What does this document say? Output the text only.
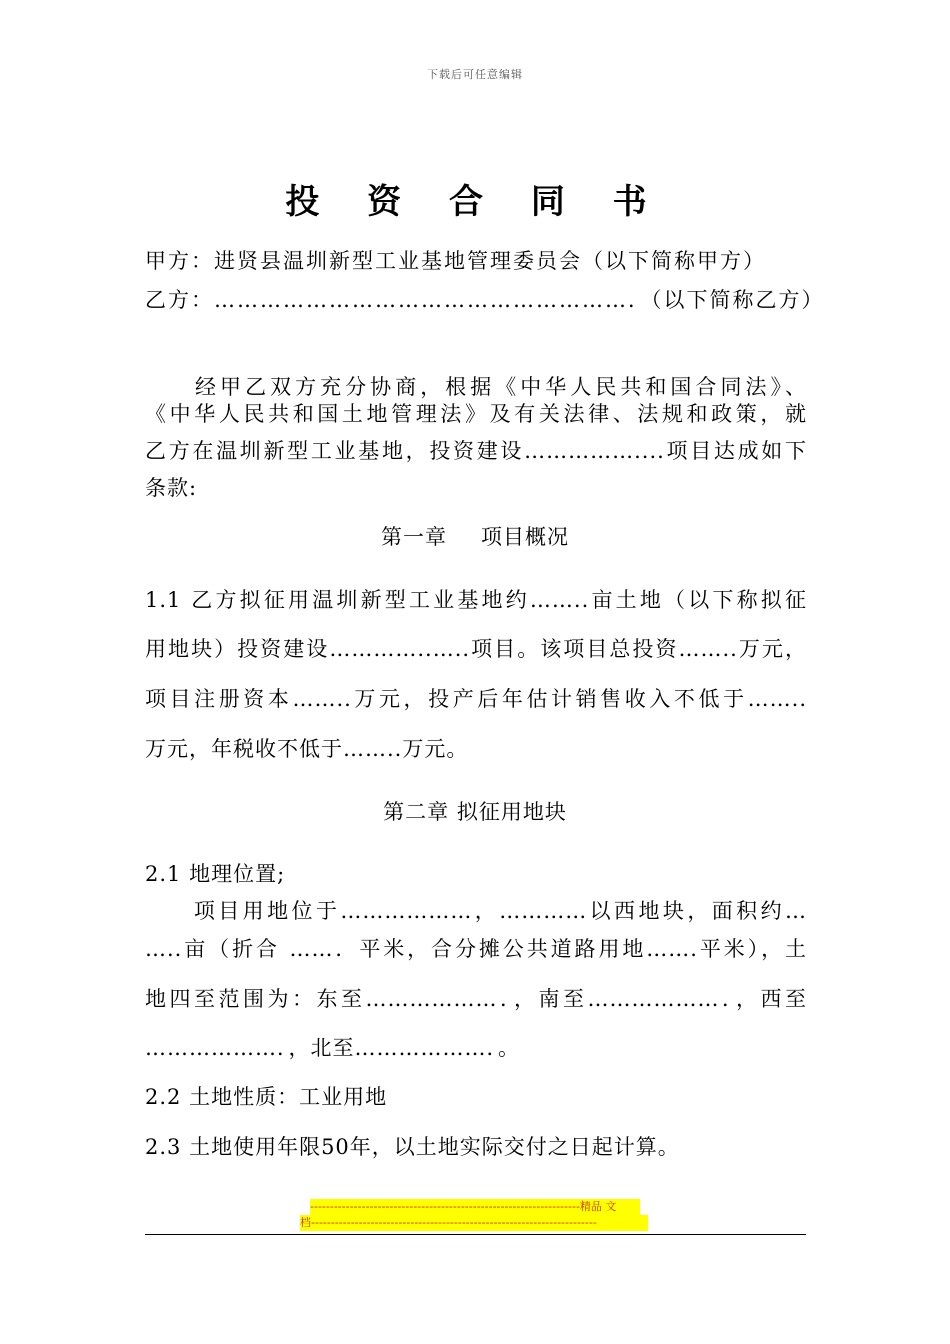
下载后可任意编辑
投 资 合 同 书
甲方：进贤县温圳新型工业基地管理委员会（以下简称甲方）
乙方：………………………………………………．（以下简称乙方）
　　经甲乙双方充分协商，根据《中华人民共和国合同法》、
《中华人民共和国土地管理法》及有关法律、法规和政策，就
乙方在温圳新型工业基地，投资建设……………....项目达成如下
条款:
第一章 项目概况
1.1 乙方拟征用温圳新型工业基地约……..亩土地（以下称拟征
用地块）投资建设…………..…..项目。该项目总投资……..万元，
项目注册资本……..万元，投产后年估计销售收入不低于……..
万元，年税收不低于……..万元。
第二章 拟征用地块
2.1 地理位置;
　　项目用地位于………………，…………以西地块，面积约…
…..亩（折合 ……．平米，合分摊公共道路用地…….平米），土
地四至范围为：东至………………．，南至………………．，西至
………………．，北至………………．。
2.2 土地性质：工业用地
2.3 土地使用年限50年，以土地实际交付之日起计算。
--------------------------------------------------------------------精品 文
档------------------------------------------------------------------------
